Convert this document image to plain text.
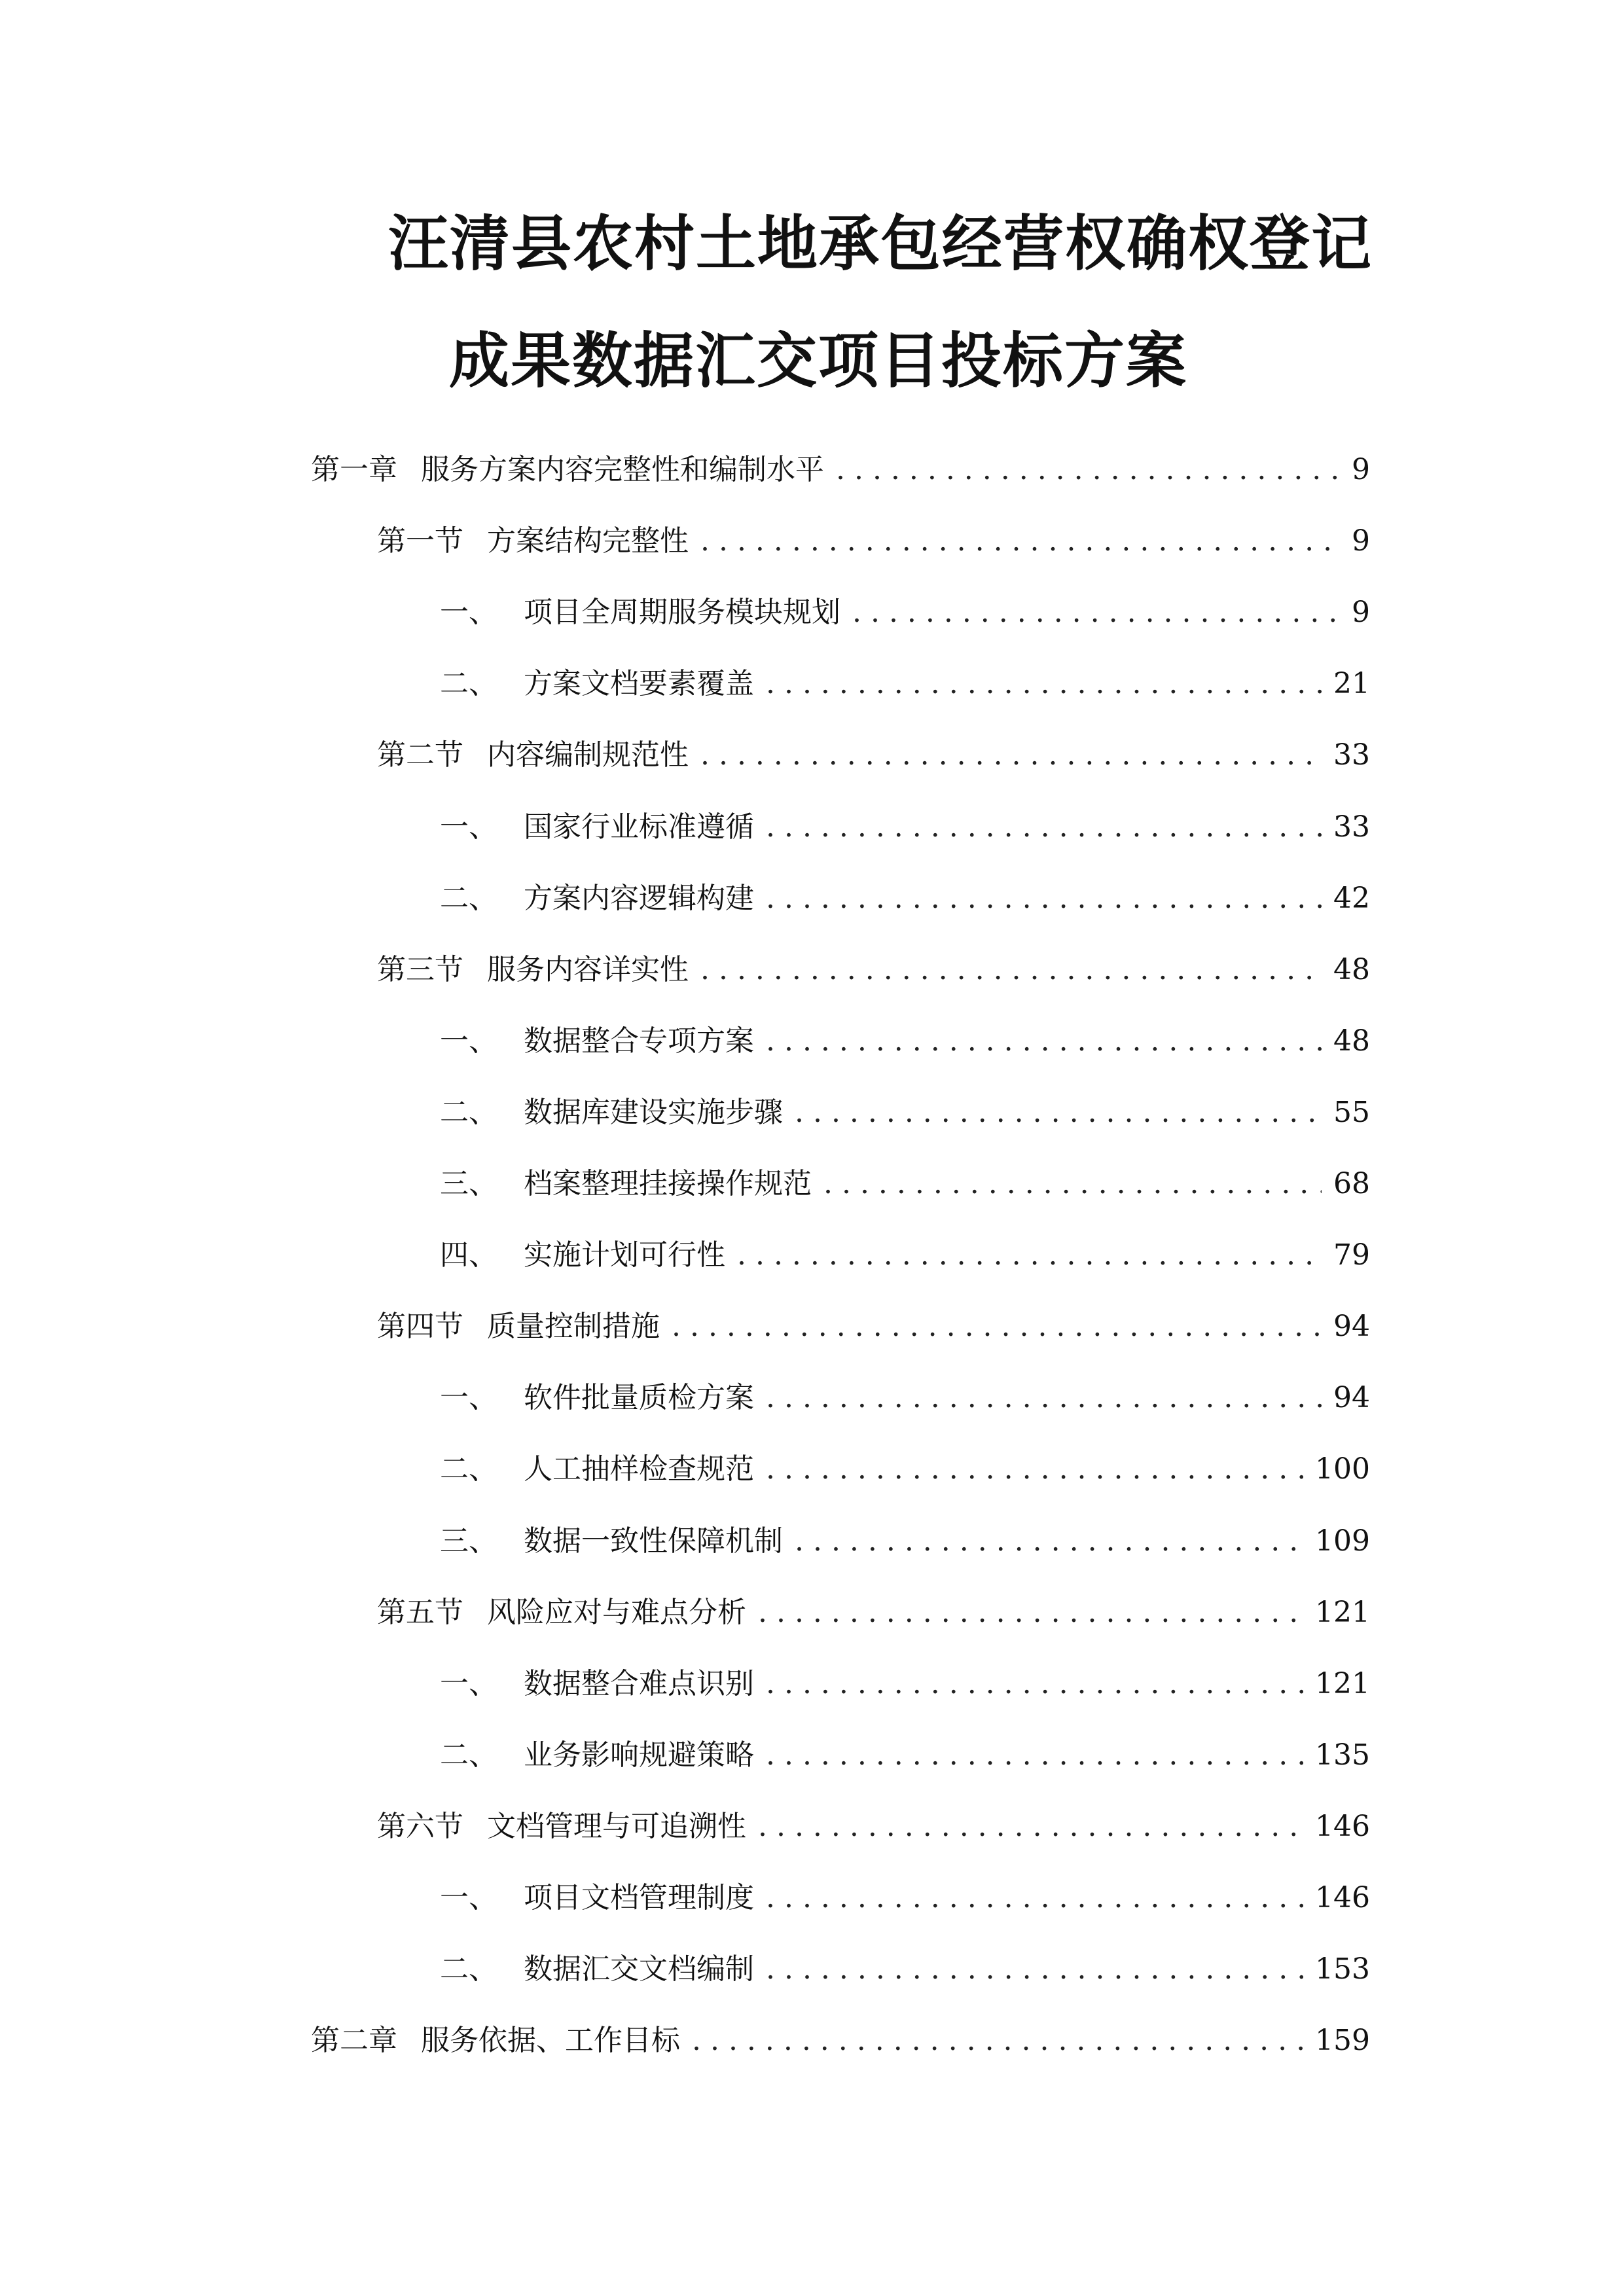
汪清县农村土地承包经营权确权登记
成果数据汇交项目投标方案
第一章 服务方案内容完整性和编制水平 . . .	9
第一节 方案结构完整性 . . .	9
一、 项目全周期服务模块规划 . . .	9
二、 方案文档要素覆盖 . . .	21
第二节 内容编制规范性 . . .	33
一、 国家行业标准遵循 . . .	33
二、 方案内容逻辑构建 . . .	42
第三节 服务内容详实性 . . .	48
一、 数据整合专项方案 . . .	48
二、 数据库建设实施步骤 . . .	55
三、 档案整理挂接操作规范 . . .	68
四、 实施计划可行性 . . .	79
第四节 质量控制措施 . . .	94
一、 软件批量质检方案 . . .	94
二、 人工抽样检查规范 . . .	100
三、 数据一致性保障机制 . . .	109
第五节 风险应对与难点分析 . . .	121
一、 数据整合难点识别 . . .	121
二、 业务影响规避策略 . . .	135
第六节 文档管理与可追溯性 . . .	146
一、 项目文档管理制度 . . .	146
二、 数据汇交文档编制 . . .	153
第二章 服务依据、工作目标 . . .	159
